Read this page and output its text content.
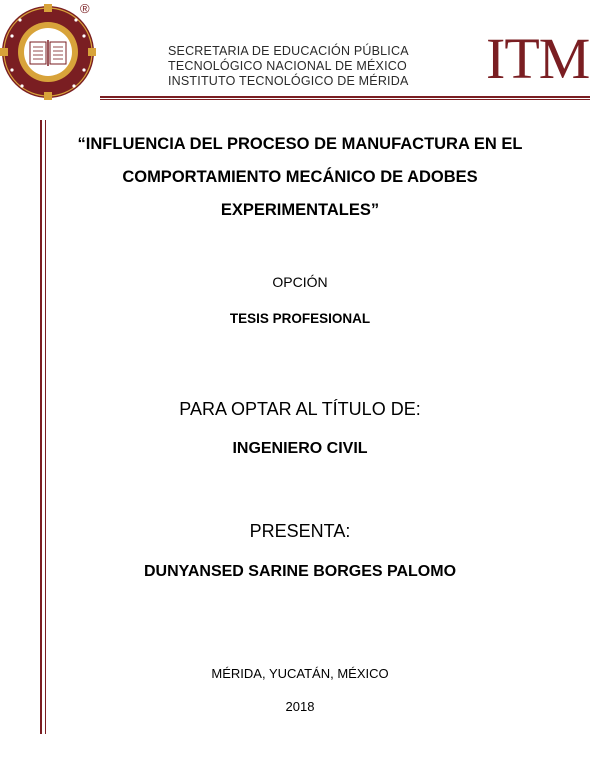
®
SECRETARIA DE EDUCACIÓN PÚBLICA
TECNOLÓGICO NACIONAL DE MÉXICO
INSTITUTO TECNOLÓGICO DE MÉRIDA ITM
“INFLUENCIA DEL PROCESO DE MANUFACTURA EN EL
COMPORTAMIENTO MECÁNICO DE ADOBES
EXPERIMENTALES”
OPCIÓN
TESIS PROFESIONAL
PARA OPTAR AL TÍTULO DE:
INGENIERO CIVIL
PRESENTA:
DUNYANSED SARINE BORGES PALOMO
MÉRIDA, YUCATÁN, MÉXICO
2018
